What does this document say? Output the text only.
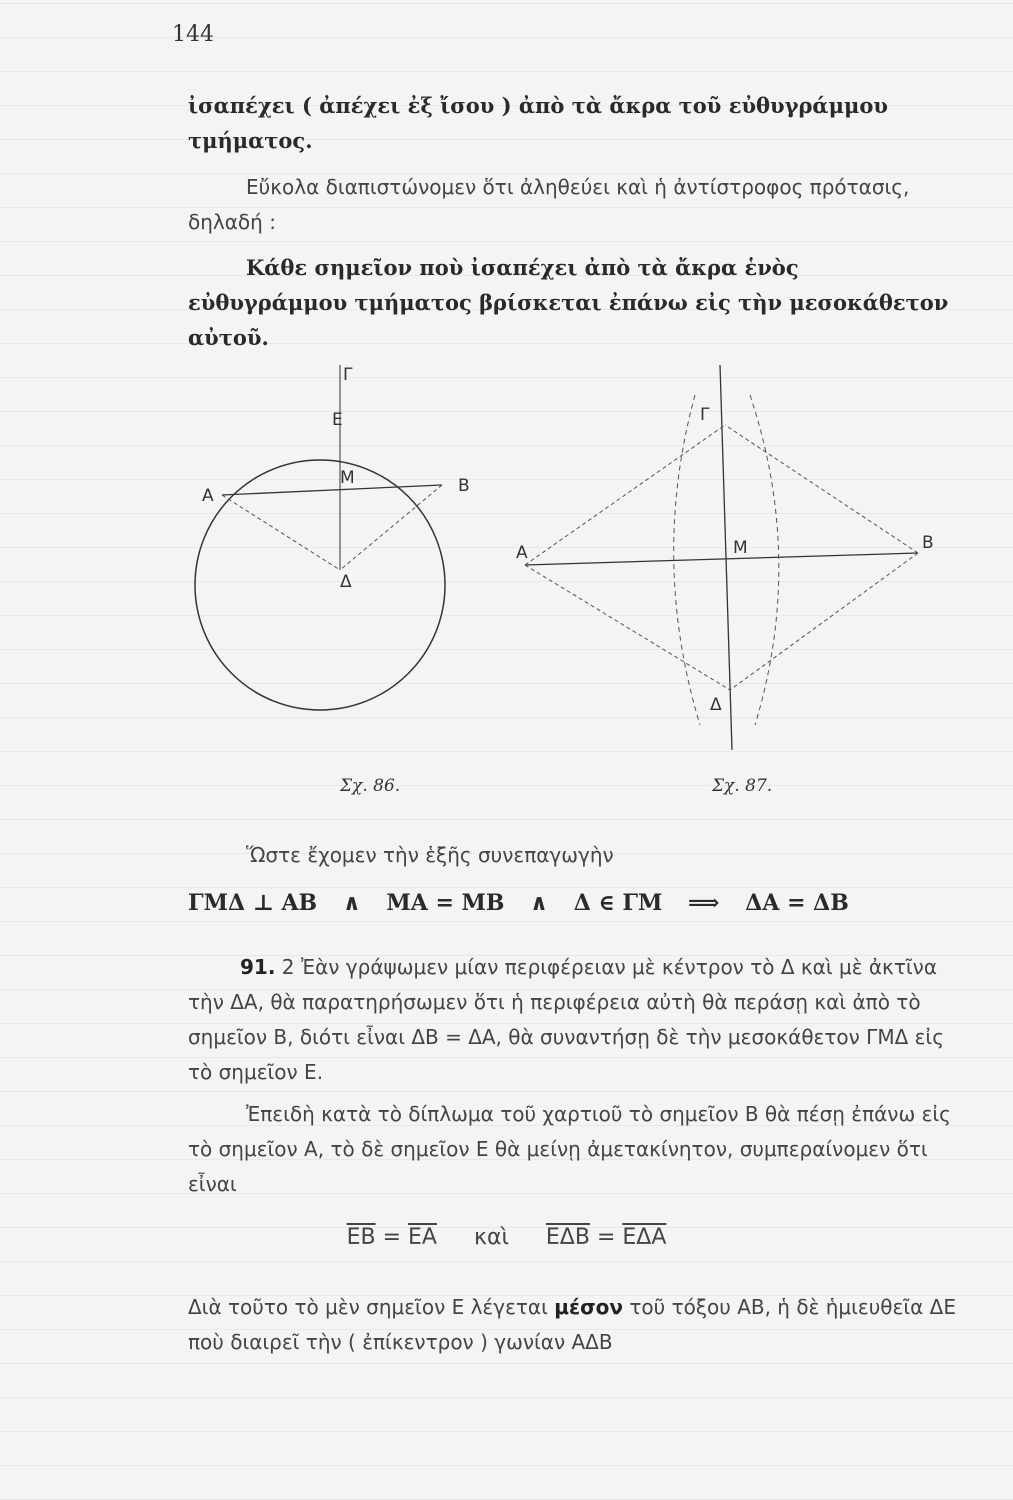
144

ἰσαπέχει ( ἀπέχει ἐξ ἴσου ) ἀπὸ τὰ ἄκρα τοῦ εὐθυγράμμου τμήματος.

Εὔκολα διαπιστώνομεν ὅτι ἀληθεύει καὶ ἡ ἀντίστροφος πρότασις, δηλαδή :

Κάθε σημεῖον ποὺ ἰσαπέχει ἀπὸ τὰ ἄκρα ἑνὸς εὐθυγράμμου τμήματος βρίσκεται ἐπάνω εἰς τὴν μεσοκάθετον αὐτοῦ.

Γ
Ε
Μ
Α	Β
Δ
Γ
Μ
Α	Β
Δ
Σχ. 86.	Σχ. 87.

Ὥστε ἔχομεν τὴν ἑξῆς συνεπαγωγὴν

ΓΜΔ ⊥ ΑΒ ∧ ΜΑ = ΜΒ ∧ Δ ∈ ΓΜ ⟹ ΔΑ = ΔΒ

91. 2 Ἐὰν γράψωμεν μίαν περιφέρειαν μὲ κέντρον τὸ Δ καὶ μὲ ἀκτῖνα τὴν ΔΑ, θὰ παρατηρήσωμεν ὅτι ἡ περιφέρεια αὐτὴ θὰ περάσῃ καὶ ἀπὸ τὸ σημεῖον Β, διότι εἶναι ΔΒ = ΔΑ, θὰ συναντήσῃ δὲ τὴν μεσοκάθετον ΓΜΔ εἰς τὸ σημεῖον Ε.

Ἐπειδὴ κατὰ τὸ δίπλωμα τοῦ χαρτιοῦ τὸ σημεῖον Β θὰ πέσῃ ἐπάνω εἰς τὸ σημεῖον Α, τὸ δὲ σημεῖον Ε θὰ μείνῃ ἀμετακίνητον, συμπεραίνομεν ὅτι εἶναι

$\overline{EB} = \overline{EA}$ καὶ $\overline{E\Delta B} = \overline{E\Delta A}$

Διὰ τοῦτο τὸ μὲν σημεῖον Ε λέγεται μέσον τοῦ τόξου ΑΒ, ἡ δὲ ἡμιευθεῖα ΔΕ ποὺ διαιρεῖ τὴν ( ἐπίκεντρον ) γωνίαν ΑΔΒ
